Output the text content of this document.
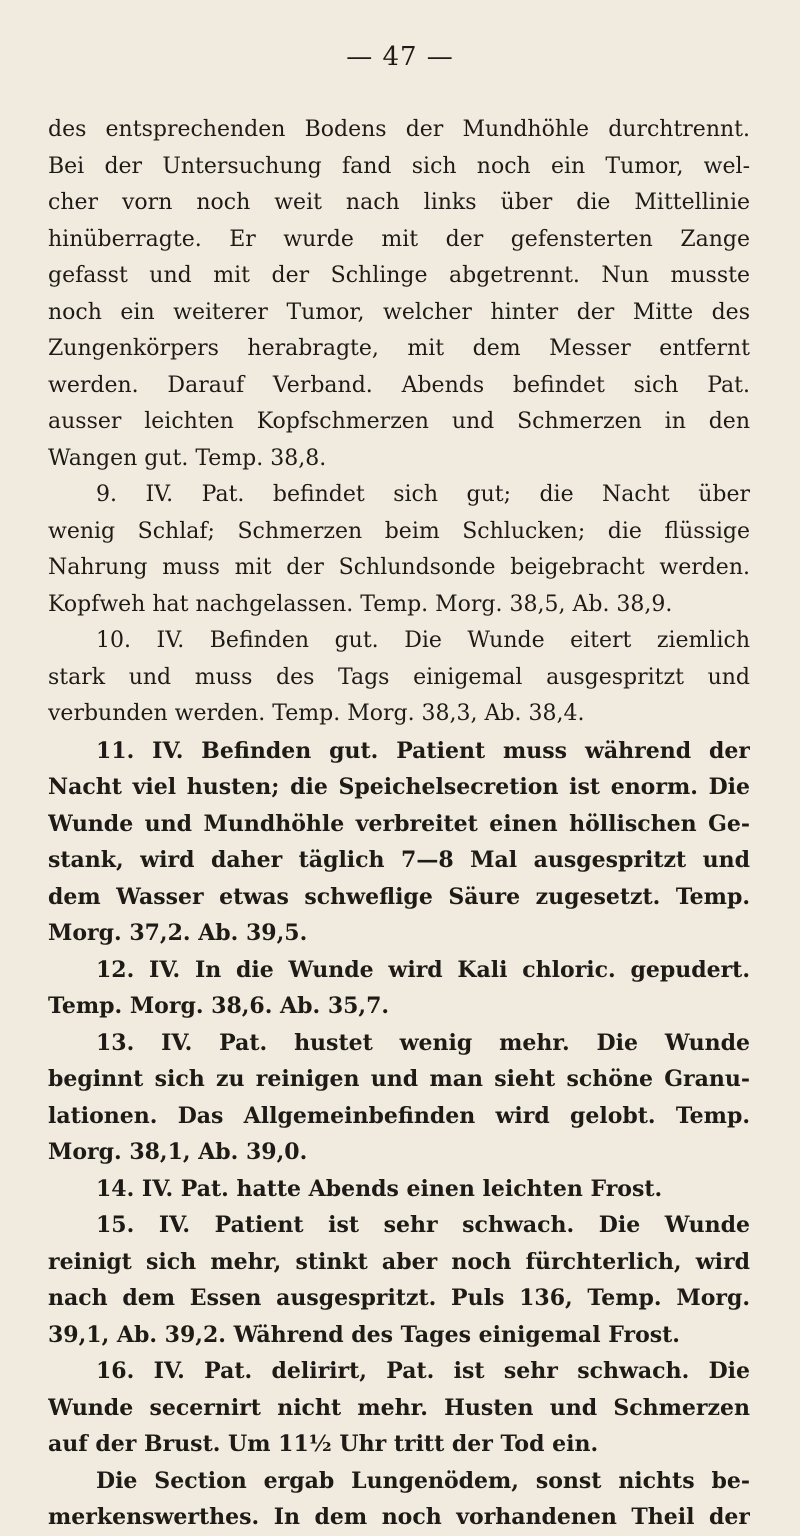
— 47 —
des entsprechenden Bodens der Mundhöhle durchtrennt.
Bei der Untersuchung fand sich noch ein Tumor, wel-
cher vorn noch weit nach links über die Mittellinie
hinüberragte. Er wurde mit der gefensterten Zange
gefasst und mit der Schlinge abgetrennt. Nun musste
noch ein weiterer Tumor, welcher hinter der Mitte des
Zungenkörpers herabragte, mit dem Messer entfernt
werden. Darauf Verband. Abends befindet sich Pat.
ausser leichten Kopfschmerzen und Schmerzen in den
Wangen gut. Temp. 38,8.
9. IV. Pat. befindet sich gut; die Nacht über
wenig Schlaf; Schmerzen beim Schlucken; die flüssige
Nahrung muss mit der Schlundsonde beigebracht werden.
Kopfweh hat nachgelassen. Temp. Morg. 38,5, Ab. 38,9.
10. IV. Befinden gut. Die Wunde eitert ziemlich
stark und muss des Tags einigemal ausgespritzt und
verbunden werden. Temp. Morg. 38,3, Ab. 38,4.
11. IV. Befinden gut. Patient muss während der
Nacht viel husten; die Speichelsecretion ist enorm. Die
Wunde und Mundhöhle verbreitet einen höllischen Ge-
stank, wird daher täglich 7—8 Mal ausgespritzt und
dem Wasser etwas schweflige Säure zugesetzt. Temp.
Morg. 37,2. Ab. 39,5.
12. IV. In die Wunde wird Kali chloric. gepudert.
Temp. Morg. 38,6. Ab. 35,7.
13. IV. Pat. hustet wenig mehr. Die Wunde
beginnt sich zu reinigen und man sieht schöne Granu-
lationen. Das Allgemeinbefinden wird gelobt. Temp.
Morg. 38,1, Ab. 39,0.
14. IV. Pat. hatte Abends einen leichten Frost.
15. IV. Patient ist sehr schwach. Die Wunde
reinigt sich mehr, stinkt aber noch fürchterlich, wird
nach dem Essen ausgespritzt. Puls 136, Temp. Morg.
39,1, Ab. 39,2. Während des Tages einigemal Frost.
16. IV. Pat. delirirt, Pat. ist sehr schwach. Die
Wunde secernirt nicht mehr. Husten und Schmerzen
auf der Brust. Um 11½ Uhr tritt der Tod ein.
Die Section ergab Lungenödem, sonst nichts be-
merkenswerthes. In dem noch vorhandenen Theil der
